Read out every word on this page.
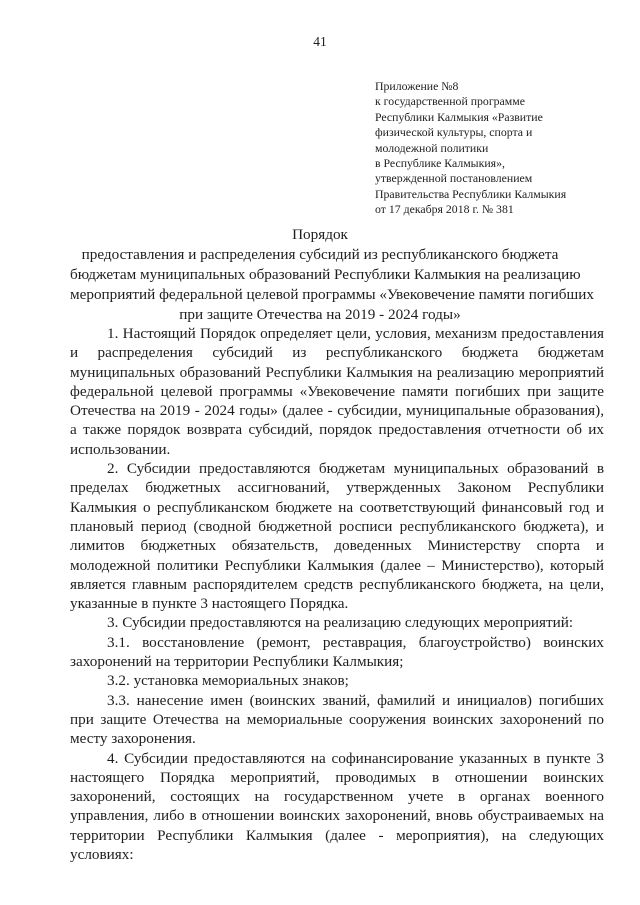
41
Приложение №8
к государственной программе
Республики Калмыкия «Развитие
физической культуры, спорта и
молодежной политики
в Республике Калмыкия»,
утвержденной постановлением
Правительства Республики Калмыкия
от 17 декабря 2018 г. № 381
Порядок
предоставления и распределения субсидий из республиканского бюджета
бюджетам муниципальных образований Республики Калмыкия на реализацию
мероприятий федеральной целевой программы «Увековечение памяти погибших
при защите Отечества на 2019 - 2024 годы»

1. Настоящий Порядок определяет цели, условия, механизм предоставления и распределения субсидий из республиканского бюджета бюджетам муниципальных образований Республики Калмыкия на реализацию мероприятий федеральной целевой программы «Увековечение памяти погибших при защите Отечества на 2019 - 2024 годы» (далее - субсидии, муниципальные образования), а также порядок возврата субсидий, порядок предоставления отчетности об их использовании.

2. Субсидии предоставляются бюджетам муниципальных образований в пределах бюджетных ассигнований, утвержденных Законом Республики Калмыкия о республиканском бюджете на соответствующий финансовый год и плановый период (сводной бюджетной росписи республиканского бюджета), и лимитов бюджетных обязательств, доведенных Министерству спорта и молодежной политики Республики Калмыкия (далее – Министерство), который является главным распорядителем средств республиканского бюджета, на цели, указанные в пункте 3 настоящего Порядка.

3. Субсидии предоставляются на реализацию следующих мероприятий:

3.1. восстановление (ремонт, реставрация, благоустройство) воинских захоронений на территории Республики Калмыкия;

3.2. установка мемориальных знаков;

3.3. нанесение имен (воинских званий, фамилий и инициалов) погибших при защите Отечества на мемориальные сооружения воинских захоронений по месту захоронения.

4. Субсидии предоставляются на софинансирование указанных в пункте 3 настоящего Порядка мероприятий, проводимых в отношении воинских захоронений, состоящих на государственном учете в органах военного управления, либо в отношении воинских захоронений, вновь обустраиваемых на территории Республики Калмыкия (далее - мероприятия), на следующих условиях:
